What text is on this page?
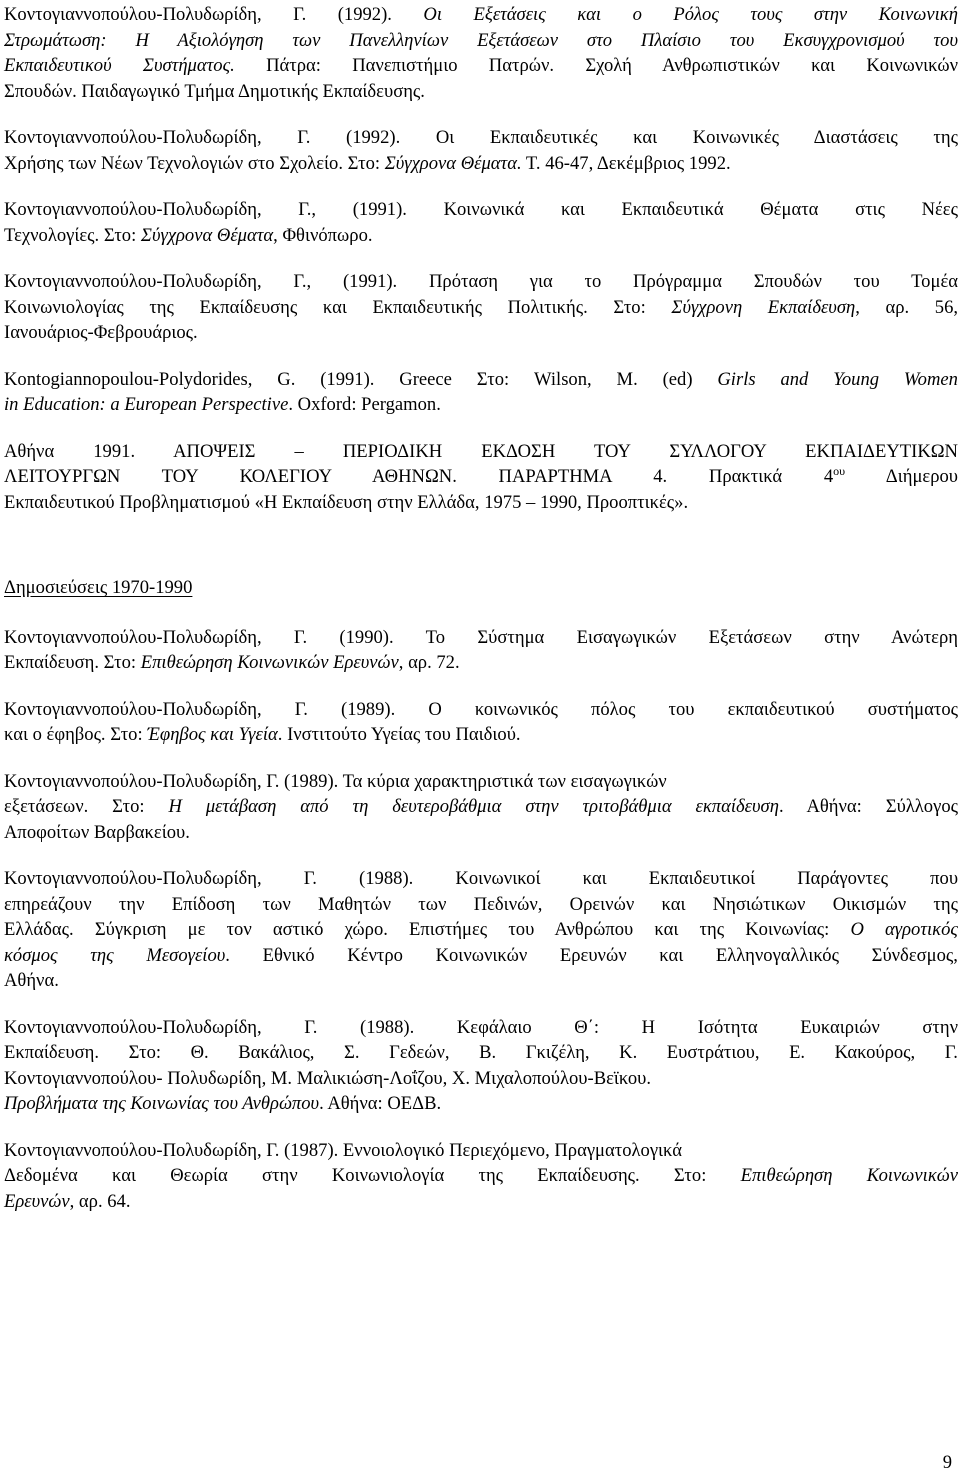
Κοντογιαννοπούλου-Πολυδωρίδη, Γ. (1992). Οι Εξετάσεις και ο Ρόλος τους στην Κοινωνική
Στρωμάτωση: Η Αξιολόγηση των Πανελληνίων Εξετάσεων στο Πλαίσιο του Εκσυγχρονισμού του
Εκπαιδευτικού Συστήματος. Πάτρα: Πανεπιστήμιο Πατρών. Σχολή Ανθρωπιστικών και Κοινωνικών
Σπουδών. Παιδαγωγικό Τμήμα Δημοτικής Εκπαίδευσης.
Κοντογιαννοπούλου-Πολυδωρίδη, Γ. (1992). Οι Εκπαιδευτικές και Κοινωνικές Διαστάσεις της
Χρήσης των Νέων Τεχνολογιών στο Σχολείο. Στο: Σύγχρονα Θέματα. Τ. 46-47, Δεκέμβριος 1992.
Κοντογιαννοπούλου-Πολυδωρίδη, Γ., (1991). Κοινωνικά και Εκπαιδευτικά Θέματα στις Νέες
Τεχνολογίες. Στο: Σύγχρονα Θέματα, Φθινόπωρο.
Κοντογιαννοπούλου-Πολυδωρίδη, Γ., (1991). Πρόταση για το Πρόγραμμα Σπουδών του Τομέα
Κοινωνιολογίας της Εκπαίδευσης και Εκπαιδευτικής Πολιτικής. Στο: Σύγχρονη Εκπαίδευση, αρ. 56,
Ιανουάριος-Φεβρουάριος.
Kontogiannopoulou-Polydorides, G. (1991). Greece Στο: Wilson, M. (ed) Girls and Young Women
in Education: a European Perspective. Oxford: Pergamon.
Αθήνα 1991. ΑΠΟΨΕΙΣ – ΠΕΡΙΟΔΙΚΗ ΕΚΔΟΣΗ ΤΟΥ ΣΥΛΛΟΓΟΥ ΕΚΠΑΙΔΕΥΤΙΚΩΝ
ΛΕΙΤΟΥΡΓΩΝ ΤΟΥ ΚΟΛΕΓΙΟΥ ΑΘΗΝΩΝ. ΠΑΡΑΡΤΗΜΑ 4. Πρακτικά $4^{o\upsilon}$ Διήμερου
Εκπαιδευτικού Προβληματισμού «Η Εκπαίδευση στην Ελλάδα, 1975 – 1990, Προοπτικές».
Δημοσιεύσεις 1970-1990
Κοντογιαννοπούλου-Πολυδωρίδη, Γ. (1990). Το Σύστημα Εισαγωγικών Εξετάσεων στην Ανώτερη
Εκπαίδευση. Στο: Επιθεώρηση Κοινωνικών Ερευνών, αρ. 72.
Κοντογιαννοπούλου-Πολυδωρίδη, Γ. (1989). Ο κοινωνικός πόλος του εκπαιδευτικού συστήματος
και ο έφηβος. Στο: Έφηβος και Υγεία. Ινστιτούτο Υγείας του Παιδιού.
Κοντογιαννοπούλου-Πολυδωρίδη, Γ. (1989). Τα κύρια χαρακτηριστικά των εισαγωγικών
εξετάσεων. Στο: Η μετάβαση από τη δευτεροβάθμια στην τριτοβάθμια εκπαίδευση. Αθήνα: Σύλλογος
Αποφοίτων Βαρβακείου.
Κοντογιαννοπούλου-Πολυδωρίδη, Γ. (1988). Κοινωνικοί και Εκπαιδευτικοί Παράγοντες που
επηρεάζουν την Επίδοση των Μαθητών των Πεδινών, Ορεινών και Νησιώτικων Οικισμών της
Ελλάδας. Σύγκριση με τον αστικό χώρο. Επιστήμες του Ανθρώπου και της Κοινωνίας: Ο αγροτικός
κόσμος της Μεσογείου. Εθνικό Κέντρο Κοινωνικών Ερευνών και Ελληνογαλλικός Σύνδεσμος,
Αθήνα.
Κοντογιαννοπούλου-Πολυδωρίδη, Γ. (1988). Κεφάλαιο Θ΄: Η Ισότητα Ευκαιριών στην
Εκπαίδευση. Στο: Θ. Βακάλιος, Σ. Γεδεών, Β. Γκιζέλη, Κ. Ευστράτιου, Ε. Κακούρος, Γ.
Κοντογιαννοπούλου- Πολυδωρίδη, Μ. Μαλικιώση-Λοΐζου, Χ. Μιχαλοπούλου-Βεϊκου.
Προβλήματα της Κοινωνίας του Ανθρώπου. Αθήνα: ΟΕΔΒ.
Κοντογιαννοπούλου-Πολυδωρίδη, Γ. (1987). Εννοιολογικό Περιεχόμενο, Πραγματολογικά
Δεδομένα και Θεωρία στην Κοινωνιολογία της Εκπαίδευσης. Στο: Επιθεώρηση Κοινωνικών
Ερευνών, αρ. 64.
9
